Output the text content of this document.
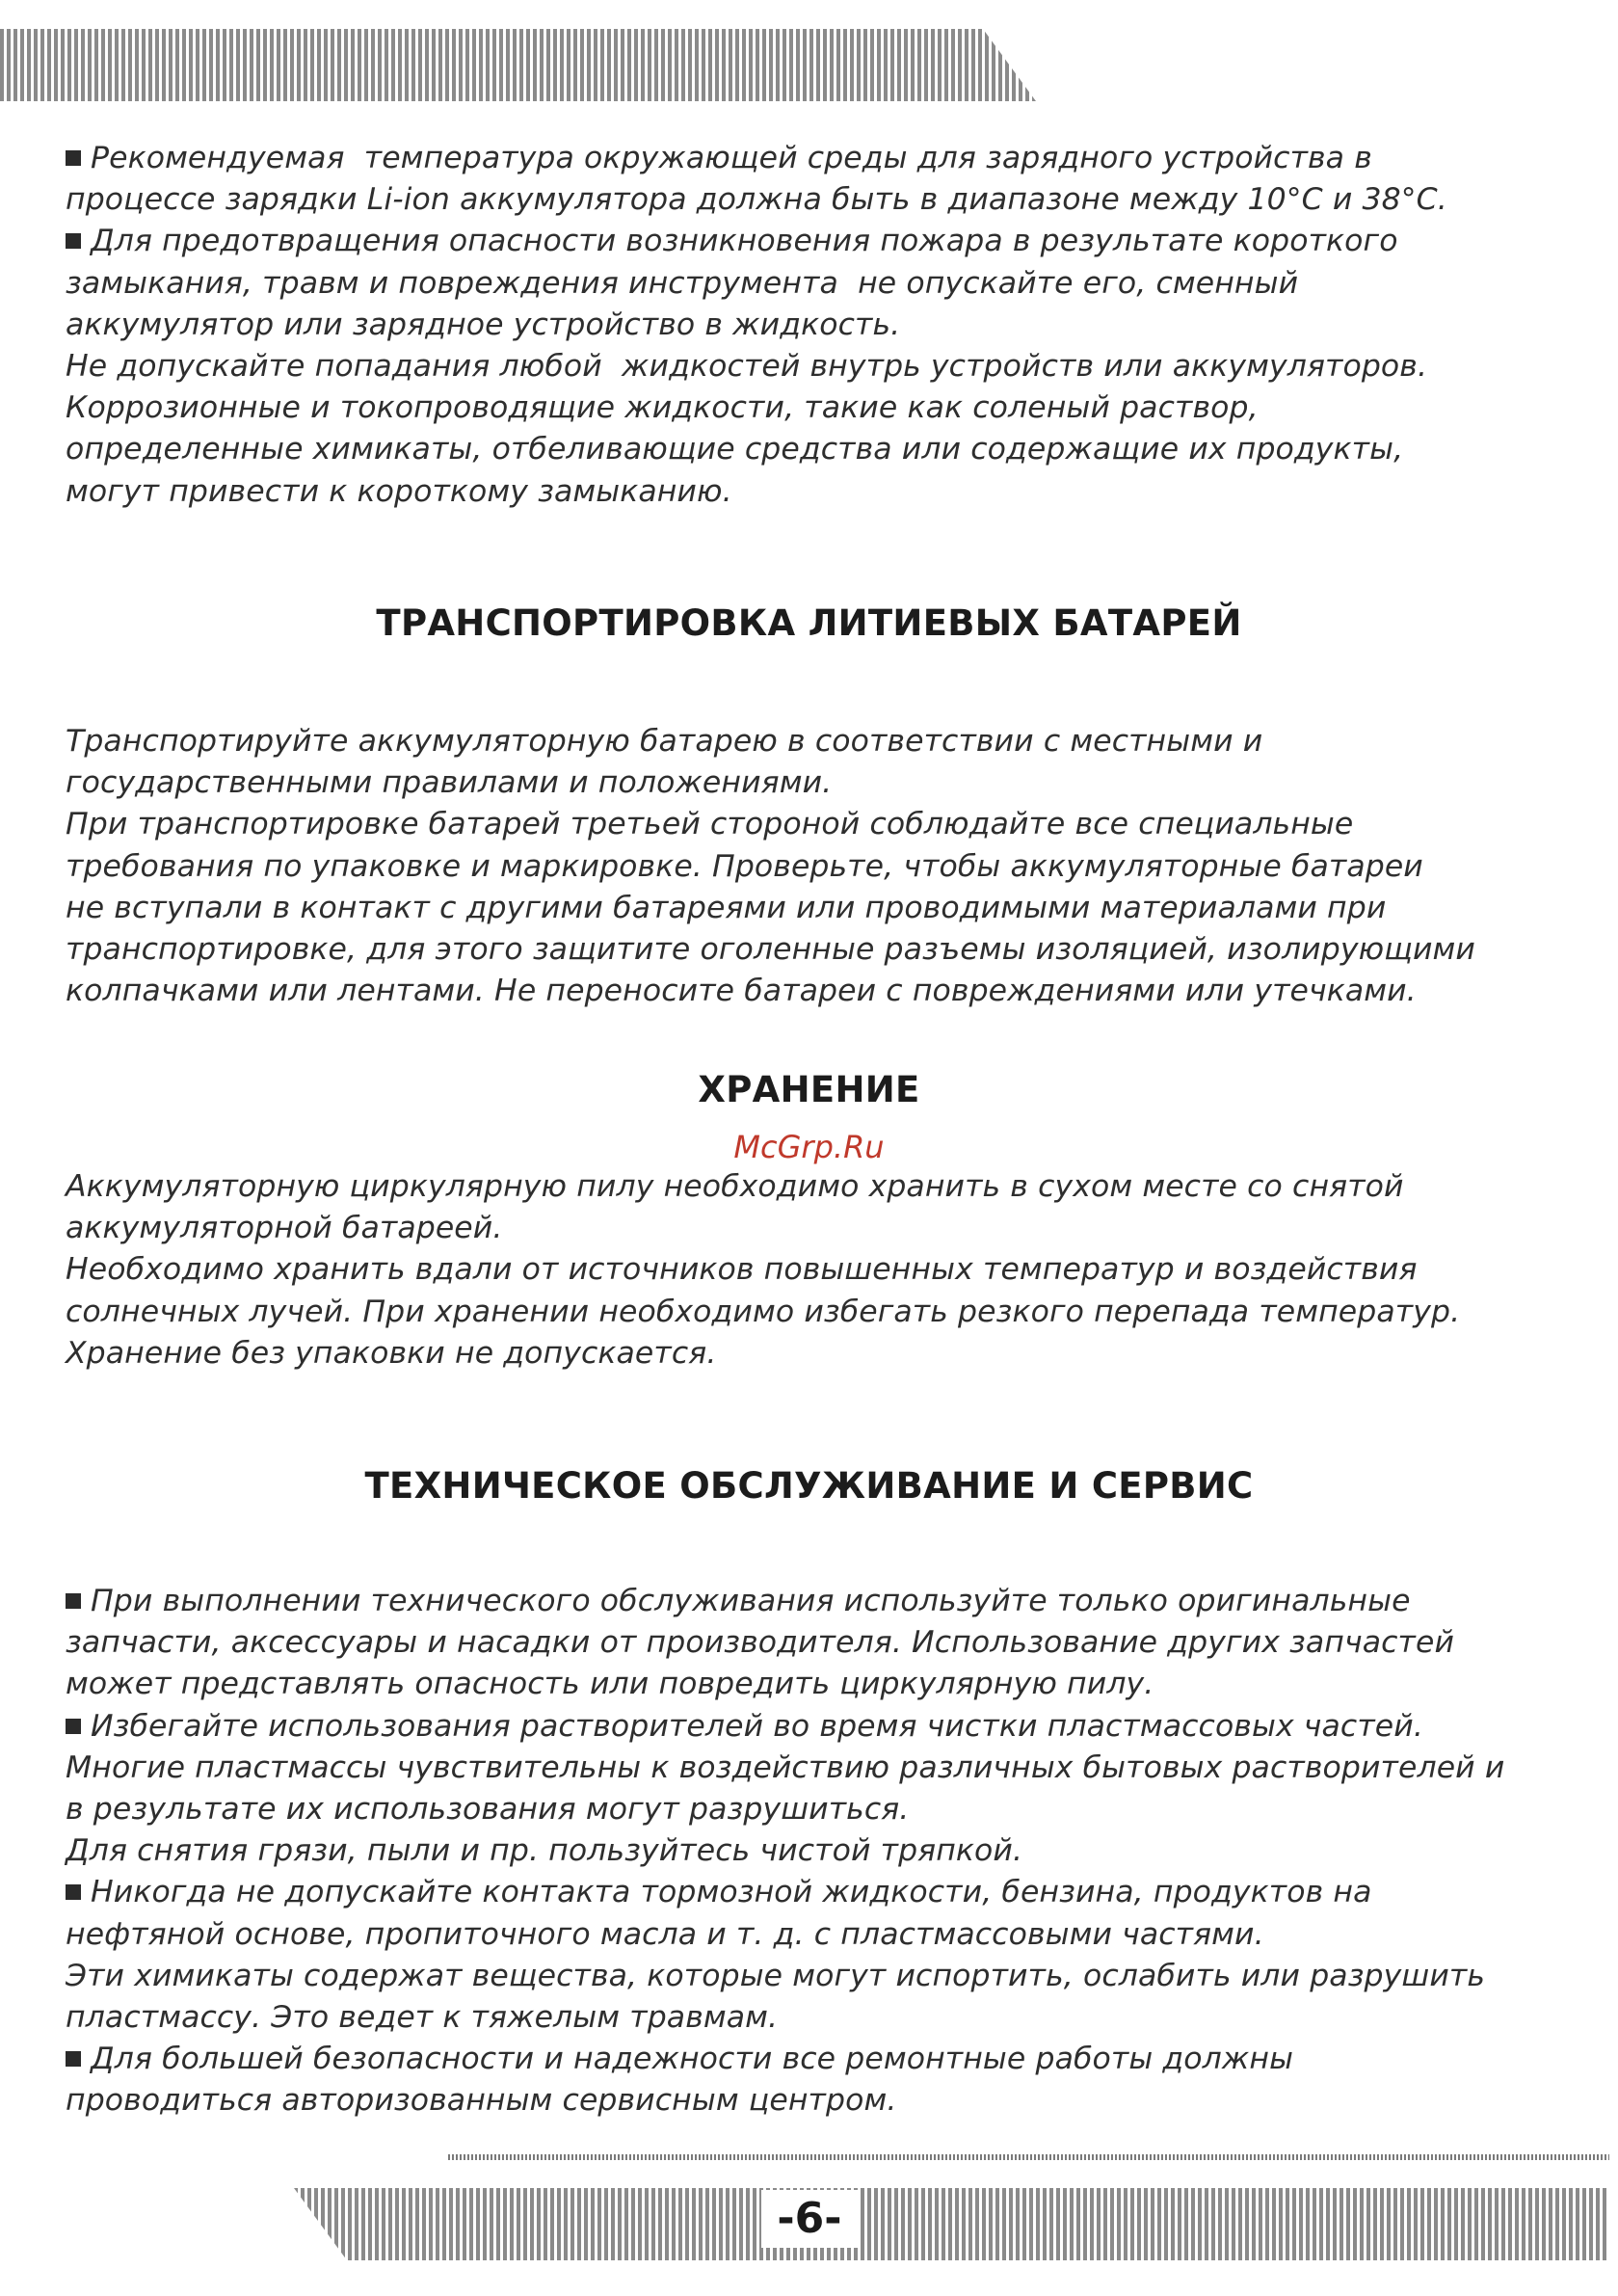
Рекомендуемая  температура окружающей среды для зарядного устройства в

процессе зарядки Li-ion аккумулятора должна быть в диапазоне между 10°С и 38°С.

Для предотвращения опасности возникновения пожара в результате короткого

замыкания, травм и повреждения инструмента  не опускайте его, сменный

аккумулятор или зарядное устройство в жидкость.

Не допускайте попадания любой  жидкостей внутрь устройств или аккумуляторов.

Коррозионные и токопроводящие жидкости, такие как соленый раствор,

определенные химикаты, отбеливающие средства или содержащие их продукты,

могут привести к короткому замыканию.

ТРАНСПОРТИРОВКА ЛИТИЕВЫХ БАТАРЕЙ

Транспортируйте аккумуляторную батарею в соответствии с местными и

государственными правилами и положениями.

При транспортировке батарей третьей стороной соблюдайте все специальные

требования по упаковке и маркировке. Проверьте, чтобы аккумуляторные батареи

не вступали в контакт с другими батареями или проводимыми материалами при

транспортировке, для этого защитите оголенные разъемы изоляцией, изолирующими

колпачками или лентами. Не переносите батареи с повреждениями или утечками.

ХРАНЕНИЕ
McGrp.Ru

Аккумуляторную циркулярную пилу необходимо хранить в сухом месте со снятой

аккумуляторной батареей.

Необходимо хранить вдали от источников повышенных температур и воздействия

солнечных лучей. При хранении необходимо избегать резкого перепада температур.

Хранение без упаковки не допускается.

ТЕХНИЧЕСКОЕ ОБСЛУЖИВАНИЕ И СЕРВИС

При выполнении технического обслуживания используйте только оригинальные

запчасти, аксессуары и насадки от производителя. Использование других запчастей

может представлять опасность или повредить циркулярную пилу.

Избегайте использования растворителей во время чистки пластмассовых частей.

Многие пластмассы чувствительны к воздействию различных бытовых растворителей и

в результате их использования могут разрушиться.

Для снятия грязи, пыли и пр. пользуйтесь чистой тряпкой.

Никогда не допускайте контакта тормозной жидкости, бензина, продуктов на

нефтяной основе, пропиточного масла и т. д. с пластмассовыми частями.

Эти химикаты содержат вещества, которые могут испортить, ослабить или разрушить

пластмассу. Это ведет к тяжелым травмам.

Для большей безопасности и надежности все ремонтные работы должны

проводиться авторизованным сервисным центром.

-6-
